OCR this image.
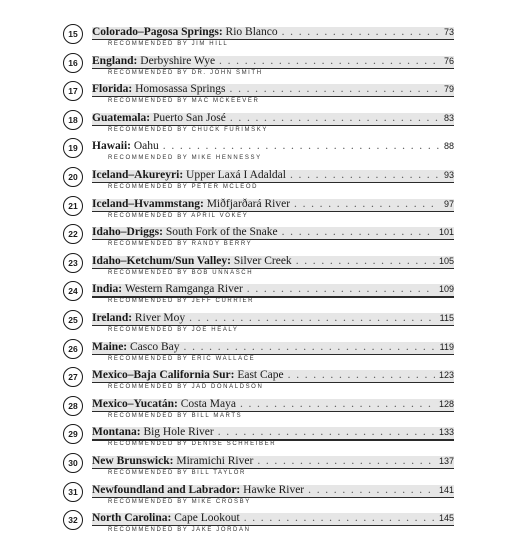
15	Colorado–Pagosa Springs:
Rio Blanco . . .	73
RECOMMENDED BY JIM HILL
16	England:
Derbyshire Wye . . .	76
RECOMMENDED BY DR. JOHN SMITH
17	Florida:
Homosassa Springs . . .	79
RECOMMENDED BY MAC MCKEEVER
18	Guatemala:
Puerto San José . . .	83
RECOMMENDED BY CHUCK FURIMSKY
19	Hawaii:
Oahu . . .	88
RECOMMENDED BY MIKE HENNESSY
20	Iceland–Akureyri:
Upper Laxá I Adaldal . . .	93
RECOMMENDED BY PETER MCLEOD
21	Iceland–Hvammstang:
Miðfjarðará River . . .	97
RECOMMENDED BY APRIL VOKEY
22	Idaho–Driggs:
South Fork of the Snake . . .	101
RECOMMENDED BY RANDY BERRY
23	Idaho–Ketchum/Sun Valley:
Silver Creek . . .	105
RECOMMENDED BY BOB UNNASCH
24	India:
Western Ramganga River . . .	109
RECOMMENDED BY JEFF CURRIER
25	Ireland:
River Moy . . .	115
RECOMMENDED BY JOE HEALY
26	Maine:
Casco Bay . . .	119
RECOMMENDED BY ERIC WALLACE
27	Mexico–Baja California Sur:
East Cape . . .	123
RECOMMENDED BY JAD DONALDSON
28	Mexico–Yucatán:
Costa Maya . . .	128
RECOMMENDED BY BILL MARTS
29	Montana:
Big Hole River . . .	133
RECOMMENDED BY DENISE SCHREIBER
30	New Brunswick:
Miramichi River . . .	137
RECOMMENDED BY BILL TAYLOR
31	Newfoundland and Labrador:
Hawke River . . .	141
RECOMMENDED BY MIKE CROSBY
32	North Carolina:
Cape Lookout . . .	145
RECOMMENDED BY JAKE JORDAN
